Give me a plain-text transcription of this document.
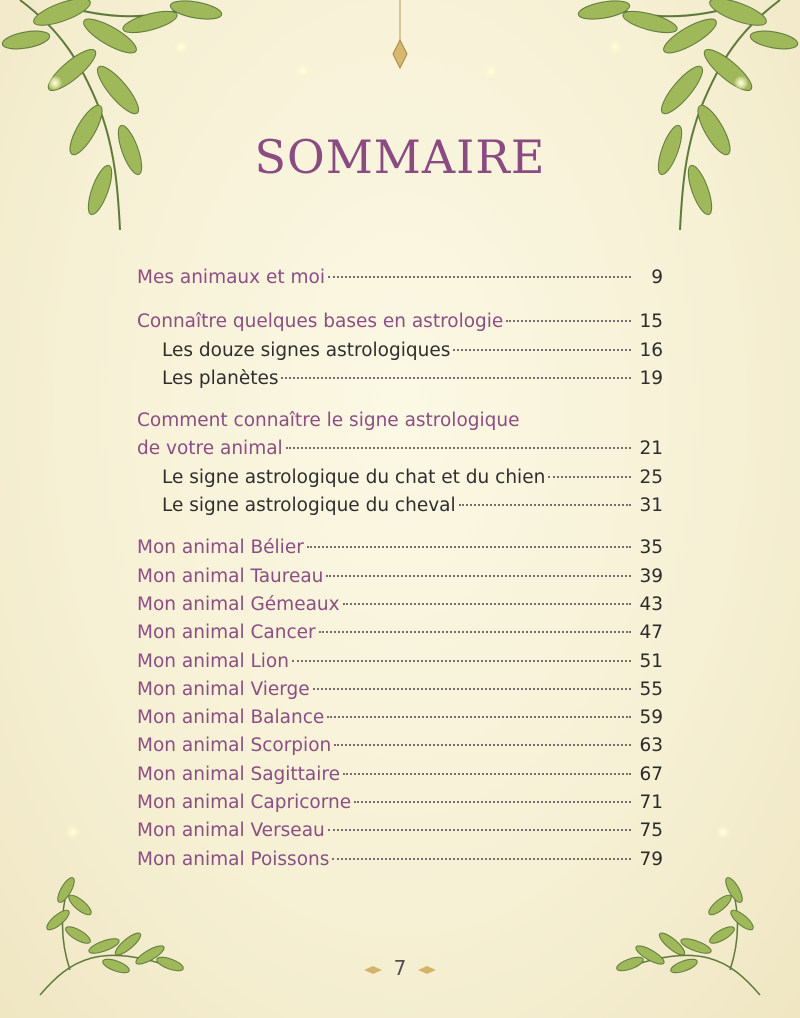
SOMMAIRE
Mes animaux et moi	9
Connaître quelques bases en astrologie	15
Les douze signes astrologiques	16
Les planètes	19
Comment connaître le signe astrologique
de votre animal	21
Le signe astrologique du chat et du chien	25
Le signe astrologique du cheval	31
Mon animal Bélier	35
Mon animal Taureau	39
Mon animal Gémeaux	43
Mon animal Cancer	47
Mon animal Lion	51
Mon animal Vierge	55
Mon animal Balance	59
Mon animal Scorpion	63
Mon animal Sagittaire	67
Mon animal Capricorne	71
Mon animal Verseau	75
Mon animal Poissons	79
7
